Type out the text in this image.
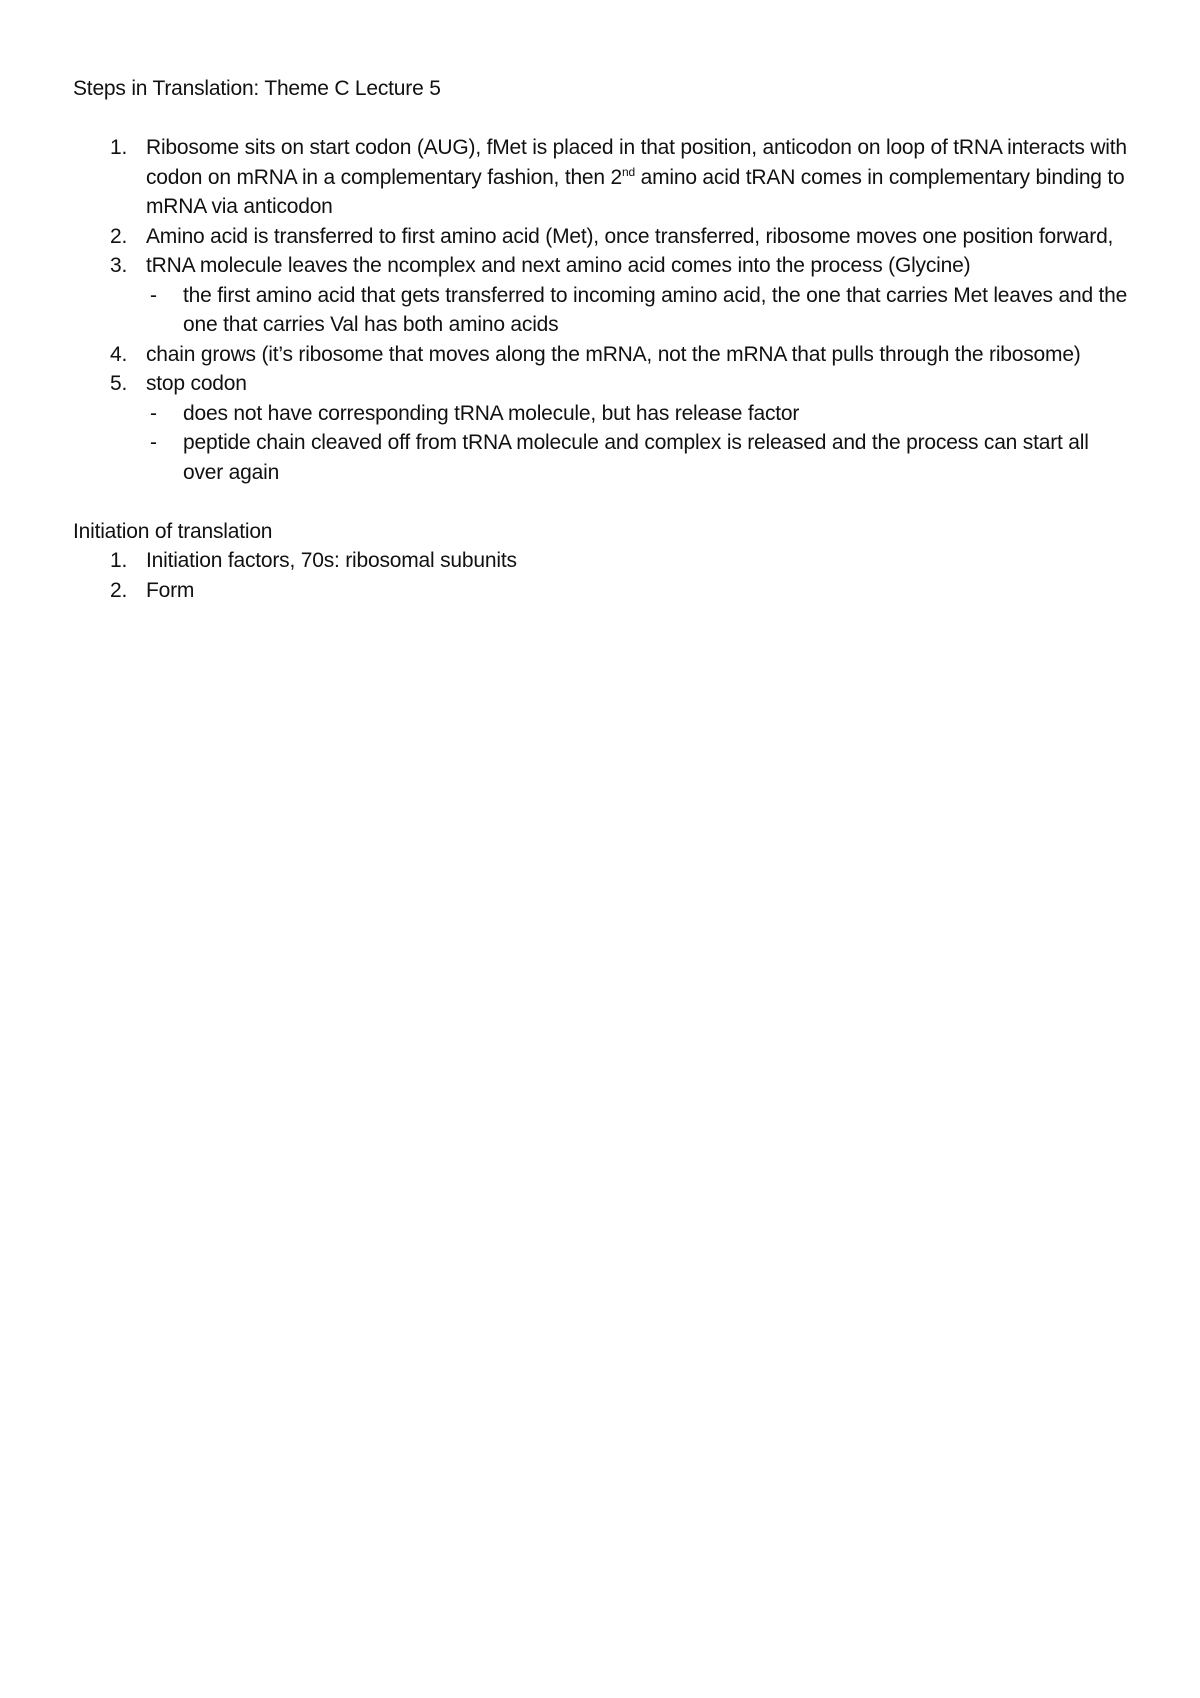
Steps in Translation: Theme C Lecture 5

1. Ribosome sits on start codon (AUG), fMet is placed in that position, anticodon on loop of tRNA interacts with codon on mRNA in a complementary fashion, then 2nd amino acid tRAN comes in complementary binding to mRNA via anticodon
2. Amino acid is transferred to first amino acid (Met), once transferred, ribosome moves one position forward,
3. tRNA molecule leaves the ncomplex and next amino acid comes into the process (Glycine)
- the first amino acid that gets transferred to incoming amino acid, the one that carries Met leaves and the one that carries Val has both amino acids
4. chain grows (it’s ribosome that moves along the mRNA, not the mRNA that pulls through the ribosome)
5. stop codon
- does not have corresponding tRNA molecule, but has release factor
- peptide chain cleaved off from tRNA molecule and complex is released and the process can start all over again

Initiation of translation

1. Initiation factors, 70s: ribosomal subunits
2. Form
